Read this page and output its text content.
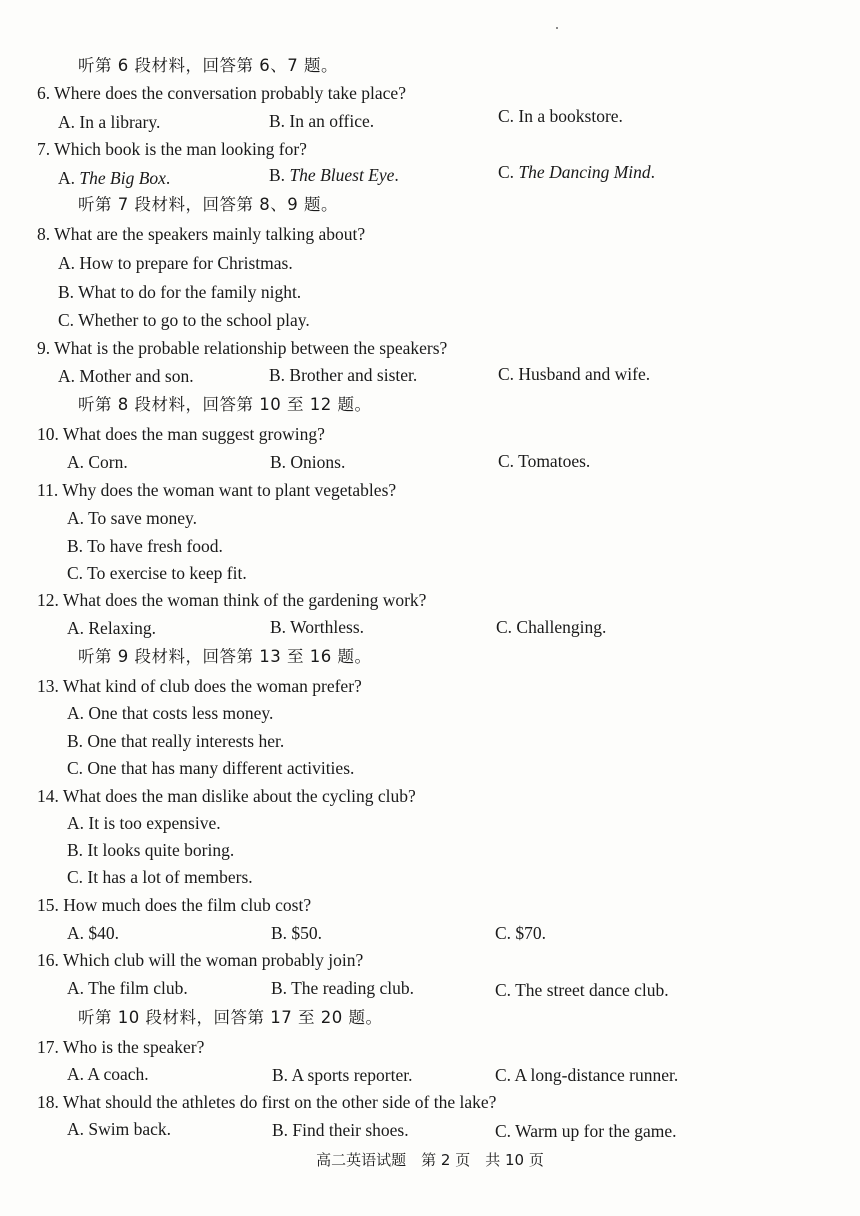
听第 6 段材料，回答第 6、7 题。
6. Where does the conversation probably take place?
A. In a library.	B. In an office.	C. In a bookstore.
7. Which book is the man looking for?
A. The Big Box.	B. The Bluest Eye.	C. The Dancing Mind.
听第 7 段材料，回答第 8、9 题。
8. What are the speakers mainly talking about?
A. How to prepare for Christmas.
B. What to do for the family night.
C. Whether to go to the school play.
9. What is the probable relationship between the speakers?
A. Mother and son.	B. Brother and sister.	C. Husband and wife.
听第 8 段材料，回答第 10 至 12 题。
10. What does the man suggest growing?
A. Corn.	B. Onions.	C. Tomatoes.
11. Why does the woman want to plant vegetables?
A. To save money.
B. To have fresh food.
C. To exercise to keep fit.
12. What does the woman think of the gardening work?
A. Relaxing.	B. Worthless.	C. Challenging.
听第 9 段材料，回答第 13 至 16 题。
13. What kind of club does the woman prefer?
A. One that costs less money.
B. One that really interests her.
C. One that has many different activities.
14. What does the man dislike about the cycling club?
A. It is too expensive.
B. It looks quite boring.
C. It has a lot of members.
15. How much does the film club cost?
A. $40.	B. $50.	C. $70.
16. Which club will the woman probably join?
A. The film club.	B. The reading club.	C. The street dance club.
听第 10 段材料，回答第 17 至 20 题。
17. Who is the speaker?
A. A coach.	B. A sports reporter.	C. A long-distance runner.
18. What should the athletes do first on the other side of the lake?
A. Swim back.	B. Find their shoes.	C. Warm up for the game.
高二英语试题　第 2 页　共 10 页
